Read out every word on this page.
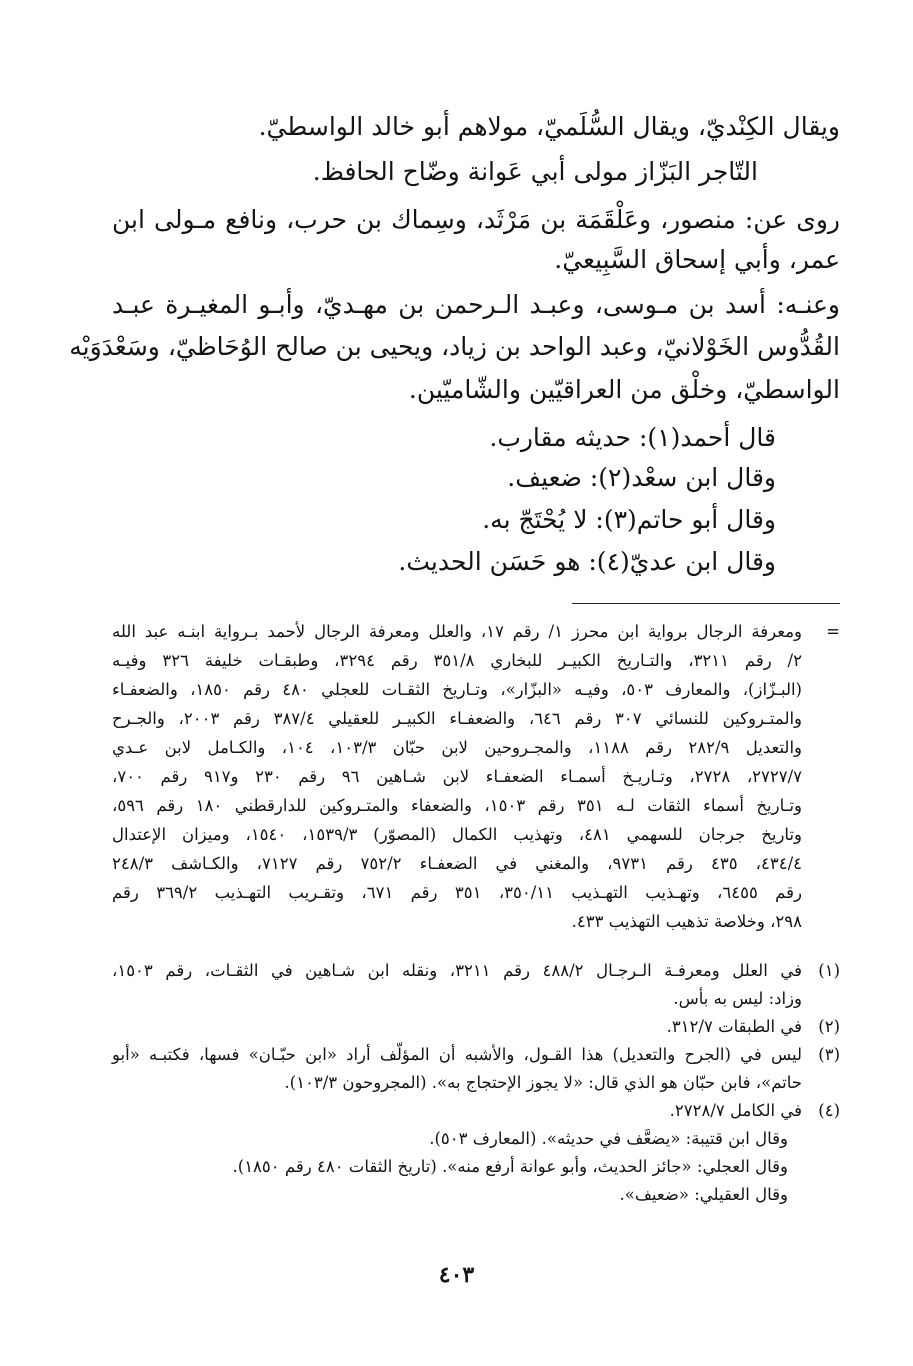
ويقال الكِنْديّ، ويقال السُّلَميّ، مولاهم أبو خالد الواسطيّ.
التّاجر البَزّاز مولى أبي عَوانة وضّاح الحافظ.
روى عن: منصور، وعَلْقَمَة بن مَرْثَد، وسِماك بن حرب، ونافع مـولى ابن
عمر، وأبي إسحاق السَّبِيعيّ.
وعنـه: أسد بن مـوسى، وعبـد الـرحمن بن مهـديّ، وأبـو المغيـرة عبـد
القُدُّوس الخَوْلانيّ، وعبد الواحد بن زياد، ويحيى بن صالح الوُحَاظيّ، وسَعْدَوَيْه
الواسطيّ، وخلْق من العراقيّين والشّاميّين.
قال أحمد(١): حديثه مقارب.
وقال ابن سعْد(٢): ضعيف.
وقال أبو حاتم(٣): لا يُحْتَجّ به.
وقال ابن عديّ(٤): هو حَسَن الحديث.
=
ومعرفة الرجال برواية ابن محرز ١/ رقم ١٧، والعلل ومعرفة الرجال لأحمد بـرواية ابنـه عبد الله
٢/ رقم ٣٢١١، والتـاريخ الكبيـر للبخاري ٣٥١/٨ رقم ٣٢٩٤، وطبقـات خليفة ٣٢٦ وفيـه
(البـزّاز)، والمعارف ٥٠٣، وفيـه «البزّار»، وتـاريخ الثقـات للعجلي ٤٨٠ رقم ١٨٥٠، والضعفـاء
والمتـروكين للنسائي ٣٠٧ رقم ٦٤٦، والضعفـاء الكبيـر للعقيلي ٣٨٧/٤ رقم ٢٠٠٣، والجـرح
والتعديل ٢٨٢/٩ رقم ١١٨٨، والمجـروحين لابن حبّان ١٠٣/٣، ١٠٤، والكـامل لابن عـدي
٢٧٢٧/٧، ٢٧٢٨، وتـاريـخ أسمـاء الضعفـاء لابن شـاهين ٩٦ رقم ٢٣٠ و٩١٧ رقم ٧٠٠،
وتـاريخ أسماء الثقات لـه ٣٥١ رقم ١٥٠٣، والضعفاء والمتـروكين للدارقطني ١٨٠ رقم ٥٩٦،
وتاريخ جرجان للسهمي ٤٨١، وتهذيب الكمال (المصوّر) ١٥٣٩/٣، ١٥٤٠، وميزان الإعتدال
٤٣٤/٤، ٤٣٥ رقم ٩٧٣١، والمغني في الضعفـاء ٧٥٢/٢ رقم ٧١٢٧، والكـاشف ٢٤٨/٣
رقم ٦٤٥٥، وتهـذيب التهـذيب ٣٥٠/١١، ٣٥١ رقم ٦٧١، وتقـريب التهـذيب ٣٦٩/٢ رقم
٢٩٨، وخلاصة تذهيب التهذيب ٤٣٣.
(١)
في العلل ومعرفـة الـرجـال ٤٨٨/٢ رقم ٣٢١١، ونقله ابن شـاهين في الثقـات، رقم ١٥٠٣،
وزاد: ليس به بأس.
(٢)
في الطبقات ٣١٢/٧.
(٣)
ليس في (الجرح والتعديل) هذا القـول، والأشبه أن المؤلّف أراد «ابن حبّـان» فسها، فكتبـه «أبو
حاتم»، فابن حبّان هو الذي قال: «لا يجوز الإحتجاج به». (المجروحون ١٠٣/٣).
(٤)
في الكامل ٢٧٢٨/٧.
وقال ابن قتيبة: «يضعَّف في حديثه». (المعارف ٥٠٣).
وقال العجلي: «جائز الحديث، وأبو عوانة أرفع منه». (تاريخ الثقات ٤٨٠ رقم ١٨٥٠).
وقال العقيلي: «ضعيف».
٤٠٣
